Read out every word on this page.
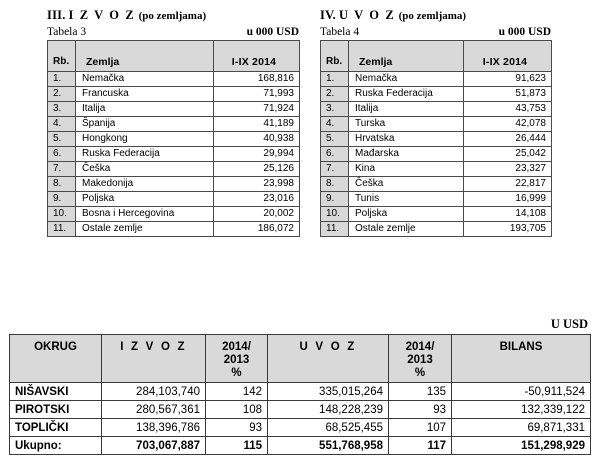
III. I Z V O Z (po zemljama)
Tabela 3	u 000 USD
Rb.	Zemlja	I-IX 2014
1.	Nemačka	168,816
2.	Francuska	71,993
3.	Italija	71,924
4.	Španija	41,189
5.	Hongkong	40,938
6.	Ruska Federacija	29,994
7.	Češka	25,126
8.	Makedonija	23,998
9.	Poljska	23,016
10.	Bosna i Hercegovina	20,002
11.	Ostale zemlje	186,072
IV. U V O Z (po zemljama)
Tabela 4	u 000 USD
Rb.	Zemlja	I-IX 2014
1.	Nemačka	91,623
2.	Ruska Federacija	51,873
3.	Italija	43,753
4.	Turska	42,078
5.	Hrvatska	26,444
6.	Mađarska	25,042
7.	Kina	23,327
8.	Češka	22,817
9.	Tunis	16,999
10.	Poljska	14,108
11.	Ostale zemlje	193,705
U USD
OKRUG	I Z V O Z	2014/
2013
%	U V O Z	2014/
2013
%	BILANS
NIŠAVSKI	284,103,740	142	335,015,264	135	-50,911,524
PIROTSKI	280,567,361	108	148,228,239	93	132,339,122
TOPLIČKI	138,396,786	93	68,525,455	107	69,871,331
Ukupno:	703,067,887	115	551,768,958	117	151,298,929
